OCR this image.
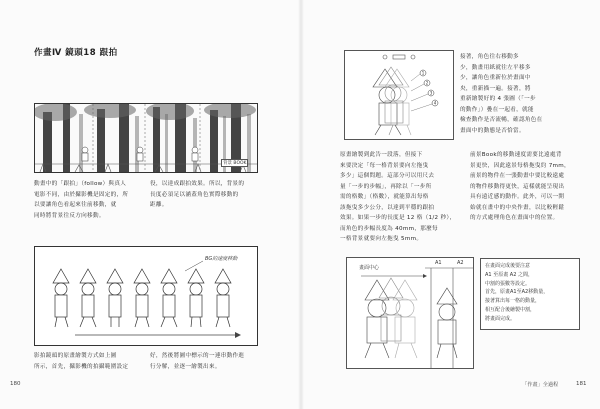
作畫Ⅳ 鏡頭18 跟拍
背景 BOOK
動畫中的「跟拍」（follow）與真人
電影不同，由於攝影機是固定的，所
以要讓角色看起來往前移動，就
同時將背景往反方向移動。
役，以達成跟拍效果。所以，背景的
長度必須足以涵蓋角色實際移動的
距離。
BG的速度移動
影拍鏡頭的原畫繪製方式如上圖
所示，首先，攝影機的拍攝範圍設定
好，然後將圖中標示的一連串動作進
行分解，並逐一繪製出來。
180
1
2
3
4
接著，角色往右移動多
少，動畫用紙就往左平移多
少，讓角色重新位於畫面中
央，重新描一遍。接著，將
重新繪製好的 4 張圖（「一步
的動作」）疊在一起看，就能
檢查動作是否流暢，確認角色在
畫面中的動態是否恰當。
原畫繪製到此告一段落，但接下
來要決定「每一格背景要向左拖曳
多少」這個問題。這部分可以用尺去
量「一步的步幅」，再除以「一步所
需的格數」（格數），就能算出每格
該拖曳多少公分，以達到平穩的跟拍
效果。如果一步的長度是 12 格（1/2 秒），
而角色的步幅長度為 40mm，那麼每
一格背景就要向左拖曳 5mm。
前景Book的移動速度需要比遠處背
景更快，因此遠景每格拖曳約 7mm，
前景的物件在一張動畫中要比較遠處
的物件移動得更快，這樣就能呈現出
具有遠近感的動作。此外，可以一開
始就在畫中的中央作畫，以比較輕鬆
的方式處理角色在畫面中的位置。
畫面中心
A1	A2	在畫面完成後要注意
A1 至原畫 A2 之間，
中割的張數等設定。
首先，原畫A1至A2移動量，
接著算出每一格的動量，
相互配合後繪製中割，
將畫面完成。
「作畫」全過程	181
